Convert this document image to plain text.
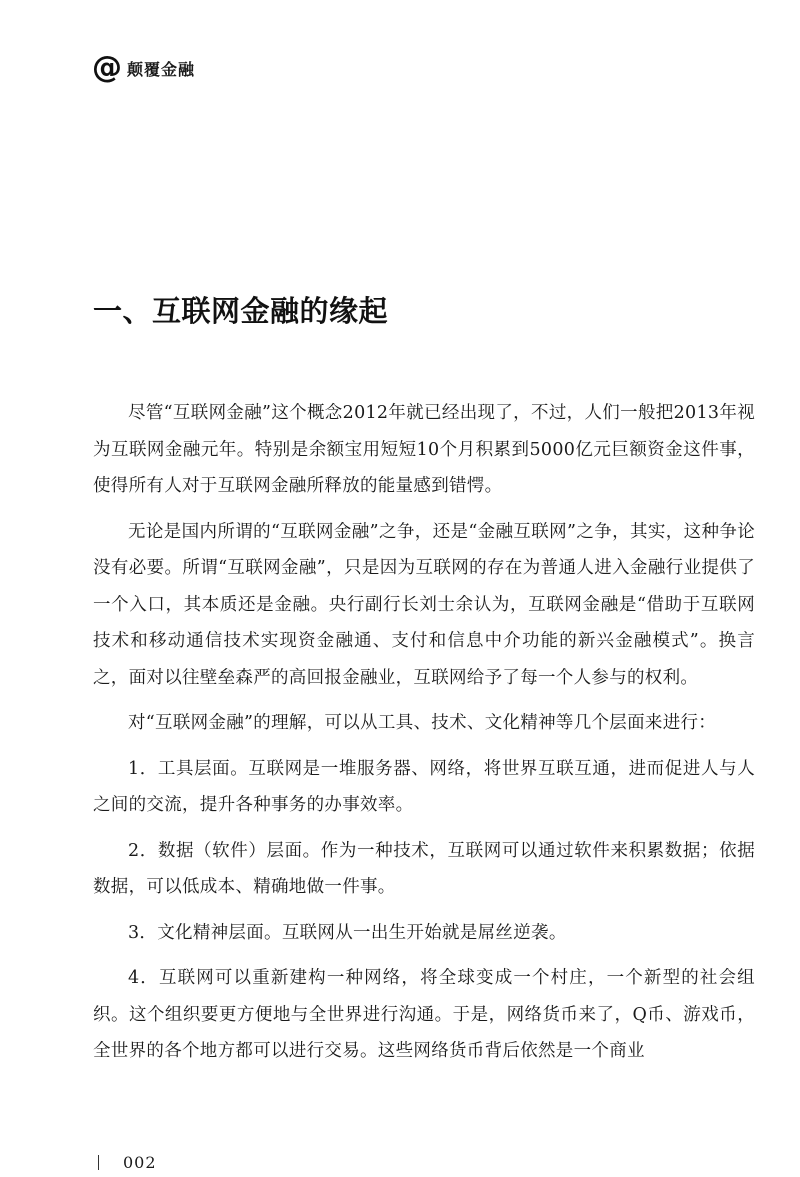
@ 颠覆金融
一、互联网金融的缘起

尽管“互联网金融”这个概念2012年就已经出现了，不过，人们一般把2013年视为互联网金融元年。特别是余额宝用短短10个月积累到5000亿元巨额资金这件事，使得所有人对于互联网金融所释放的能量感到错愕。

无论是国内所谓的“互联网金融”之争，还是“金融互联网”之争，其实，这种争论没有必要。所谓“互联网金融”，只是因为互联网的存在为普通人进入金融行业提供了一个入口，其本质还是金融。央行副行长刘士余认为，互联网金融是“借助于互联网技术和移动通信技术实现资金融通、支付和信息中介功能的新兴金融模式”。换言之，面对以往壁垒森严的高回报金融业，互联网给予了每一个人参与的权利。

对“互联网金融”的理解，可以从工具、技术、文化精神等几个层面来进行：

1．工具层面。互联网是一堆服务器、网络，将世界互联互通，进而促进人与人之间的交流，提升各种事务的办事效率。

2．数据（软件）层面。作为一种技术，互联网可以通过软件来积累数据；依据数据，可以低成本、精确地做一件事。

3．文化精神层面。互联网从一出生开始就是屌丝逆袭。

4．互联网可以重新建构一种网络，将全球变成一个村庄，一个新型的社会组织。这个组织要更方便地与全世界进行沟通。于是，网络货币来了，Q币、游戏币，全世界的各个地方都可以进行交易。这些网络货币背后依然是一个商业

002
